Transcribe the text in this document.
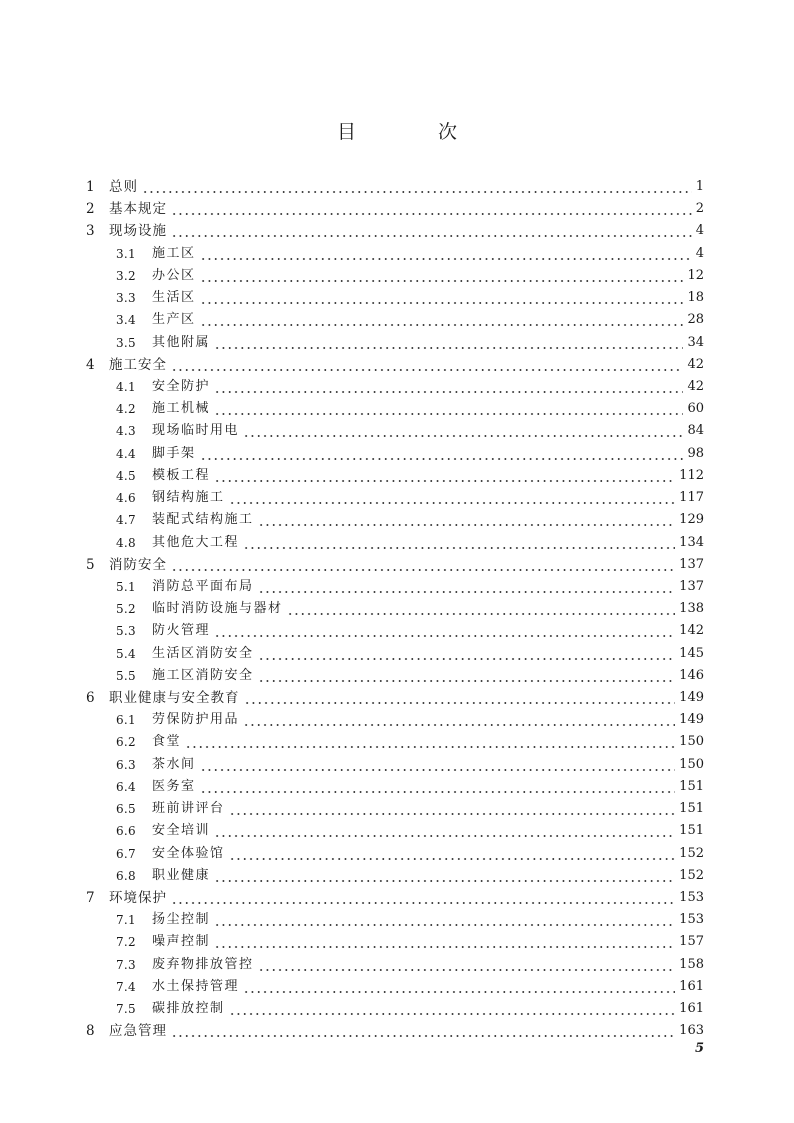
目 次
1	总则	1
2	基本规定	2
3	现场设施	4
3.1	施工区	4
3.2	办公区	12
3.3	生活区	18
3.4	生产区	28
3.5	其他附属	34
4	施工安全	42
4.1	安全防护	42
4.2	施工机械	60
4.3	现场临时用电	84
4.4	脚手架	98
4.5	模板工程	112
4.6	钢结构施工	117
4.7	装配式结构施工	129
4.8	其他危大工程	134
5	消防安全	137
5.1	消防总平面布局	137
5.2	临时消防设施与器材	138
5.3	防火管理	142
5.4	生活区消防安全	145
5.5	施工区消防安全	146
6	职业健康与安全教育	149
6.1	劳保防护用品	149
6.2	食堂	150
6.3	茶水间	150
6.4	医务室	151
6.5	班前讲评台	151
6.6	安全培训	151
6.7	安全体验馆	152
6.8	职业健康	152
7	环境保护	153
7.1	扬尘控制	153
7.2	噪声控制	157
7.3	废弃物排放管控	158
7.4	水土保持管理	161
7.5	碳排放控制	161
8	应急管理	163
5
